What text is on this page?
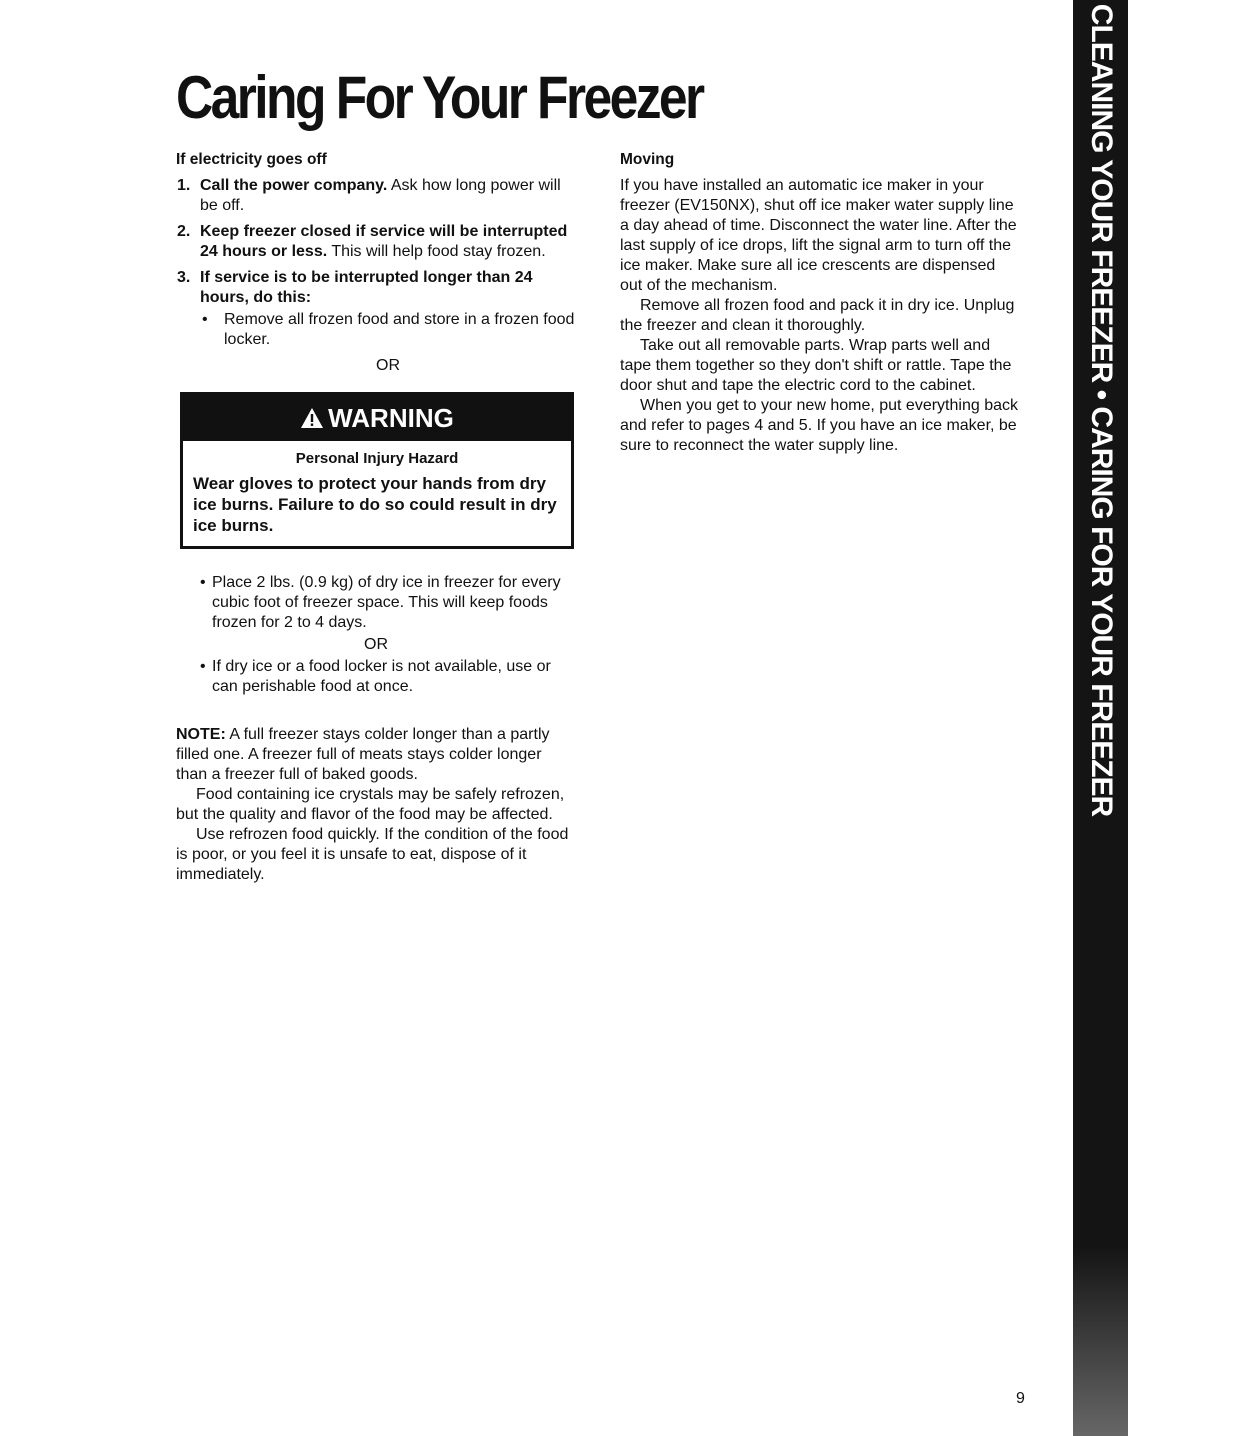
Caring For Your Freezer
If electricity goes off
1. Call the power company. Ask how long power will be off.
2. Keep freezer closed if service will be interrupted 24 hours or less. This will help food stay frozen.
3. If service is to be interrupted longer than 24 hours, do this:
• Remove all frozen food and store in a frozen food locker.

OR

WARNING

Personal Injury Hazard

Wear gloves to protect your hands from dry ice burns. Failure to do so could result in dry ice burns.

• Place 2 lbs. (0.9 kg) of dry ice in freezer for every cubic foot of freezer space. This will keep foods frozen for 2 to 4 days.

OR

• If dry ice or a food locker is not available, use or can perishable food at once.

NOTE: A full freezer stays colder longer than a partly filled one. A freezer full of meats stays colder longer than a freezer full of baked goods.

Food containing ice crystals may be safely refrozen, but the quality and flavor of the food may be affected.

Use refrozen food quickly. If the condition of the food is poor, or you feel it is unsafe to eat, dispose of it immediately.

Moving

If you have installed an automatic ice maker in your freezer (EV150NX), shut off ice maker water supply line a day ahead of time. Disconnect the water line. After the last supply of ice drops, lift the signal arm to turn off the ice maker. Make sure all ice crescents are dispensed out of the mechanism.

Remove all frozen food and pack it in dry ice. Unplug the freezer and clean it thoroughly.

Take out all removable parts. Wrap parts well and tape them together so they don't shift or rattle. Tape the door shut and tape the electric cord to the cabinet.

When you get to your new home, put everything back and refer to pages 4 and 5. If you have an ice maker, be sure to reconnect the water supply line.	CLEANING YOUR FREEZER • CARING FOR YOUR FREEZER

9
